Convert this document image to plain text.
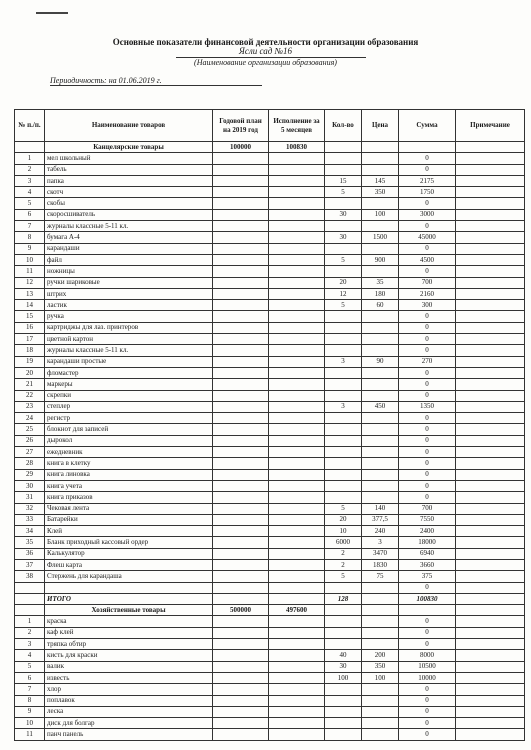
Основные показатели финансовой деятельности организации образования
Ясли сад №16
(Наименование организации образования)
Периодичность: на 01.06.2019 г.
№ п./п.	Наименование товаров	Годовой план на 2019 год	Исполнение за 5 месяцев	Кол-во	Цена	Сумма	Примечание
	Канцелярские товары	100000	100830				
1	мел школьный					0	
2	табель					0	
3	папка			15	145	2175	
4	скотч			5	350	1750	
5	скобы					0	
6	скоросшиватель			30	100	3000	
7	журналы классные 5-11 кл.					0	
8	бумага А-4			30	1500	45000	
9	карандаши					0	
10	файл			5	900	4500	
11	ножницы					0	
12	ручки шариковые			20	35	700	
13	штрих			12	180	2160	
14	ластик			5	60	300	
15	ручка					0	
16	картриджы для лаз. принтеров					0	
17	цветной картон					0	
18	журналы классные 5-11 кл.					0	
19	карандаши простые			3	90	270	
20	фломастер					0	
21	маркеры					0	
22	скрепки					0	
23	степлер			3	450	1350	
24	регистр					0	
25	блокнот для записей					0	
26	дырокол					0	
27	ежедневник					0	
28	книга в клетку					0	
29	книга линовка					0	
30	книга учета					0	
31	книга приказов					0	
32	Чековая лента			5	140	700	
33	Батарейки			20	377,5	7550	
34	Клей			10	240	2400	
35	Бланк приходный кассовый ордер			6000	3	18000	
36	Калькулятор			2	3470	6940	
37	Флеш карта			2	1830	3660	
38	Стержень для карандаша			5	75	375	
						0	
	ИТОГО			128		100830	
	Хозяйственные товары	500000	497600				
1	краска					0	
2	каф клей					0	
3	тряпка обтир					0	
4	кисть для краски			40	200	8000	
5	валик			30	350	10500	
6	известь			100	100	10000	
7	хлор					0	
8	поплавок					0	
9	леска					0	
10	диск для болгар					0	
11	панч панель					0	
